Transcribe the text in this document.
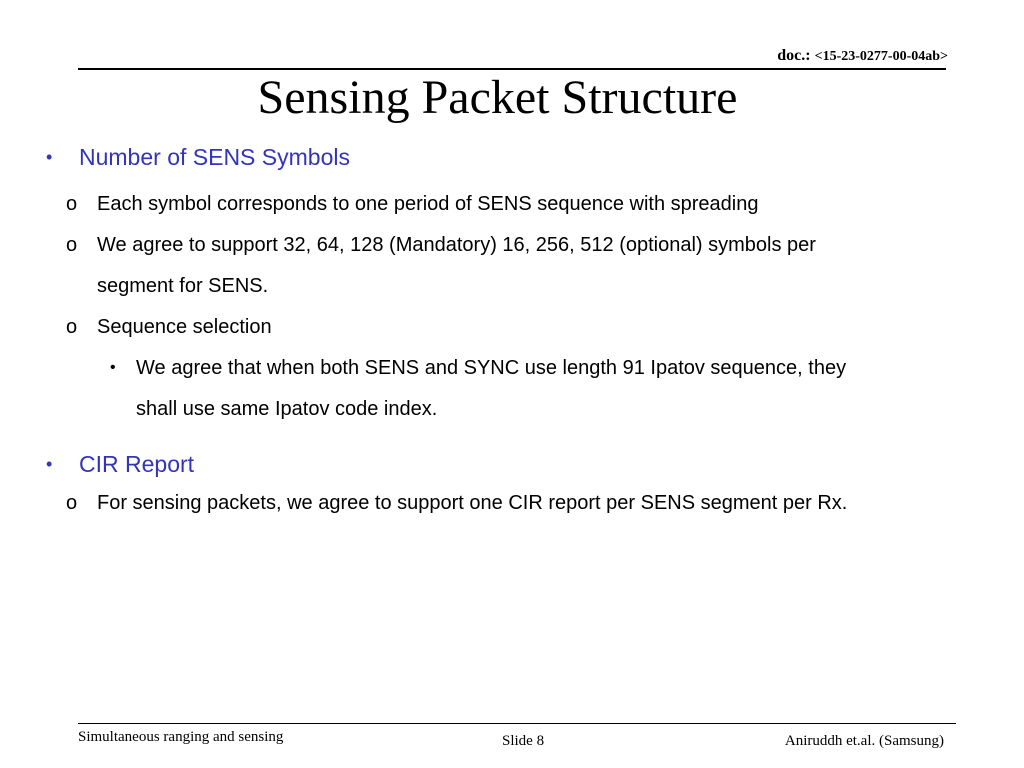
doc.: <15-23-0277-00-04ab>
Sensing Packet Structure
• Number of SENS Symbols
o Each symbol corresponds to one period of SENS sequence with spreading
o We agree to support 32, 64, 128 (Mandatory) 16, 256, 512 (optional) symbols per
segment for SENS.
o Sequence selection
• We agree that when both SENS and SYNC use length 91 Ipatov sequence, they
shall use same Ipatov code index.
• CIR Report
o For sensing packets, we agree to support one CIR report per SENS segment per Rx.
Simultaneous ranging and sensing	Slide 8	Aniruddh et.al. (Samsung)
